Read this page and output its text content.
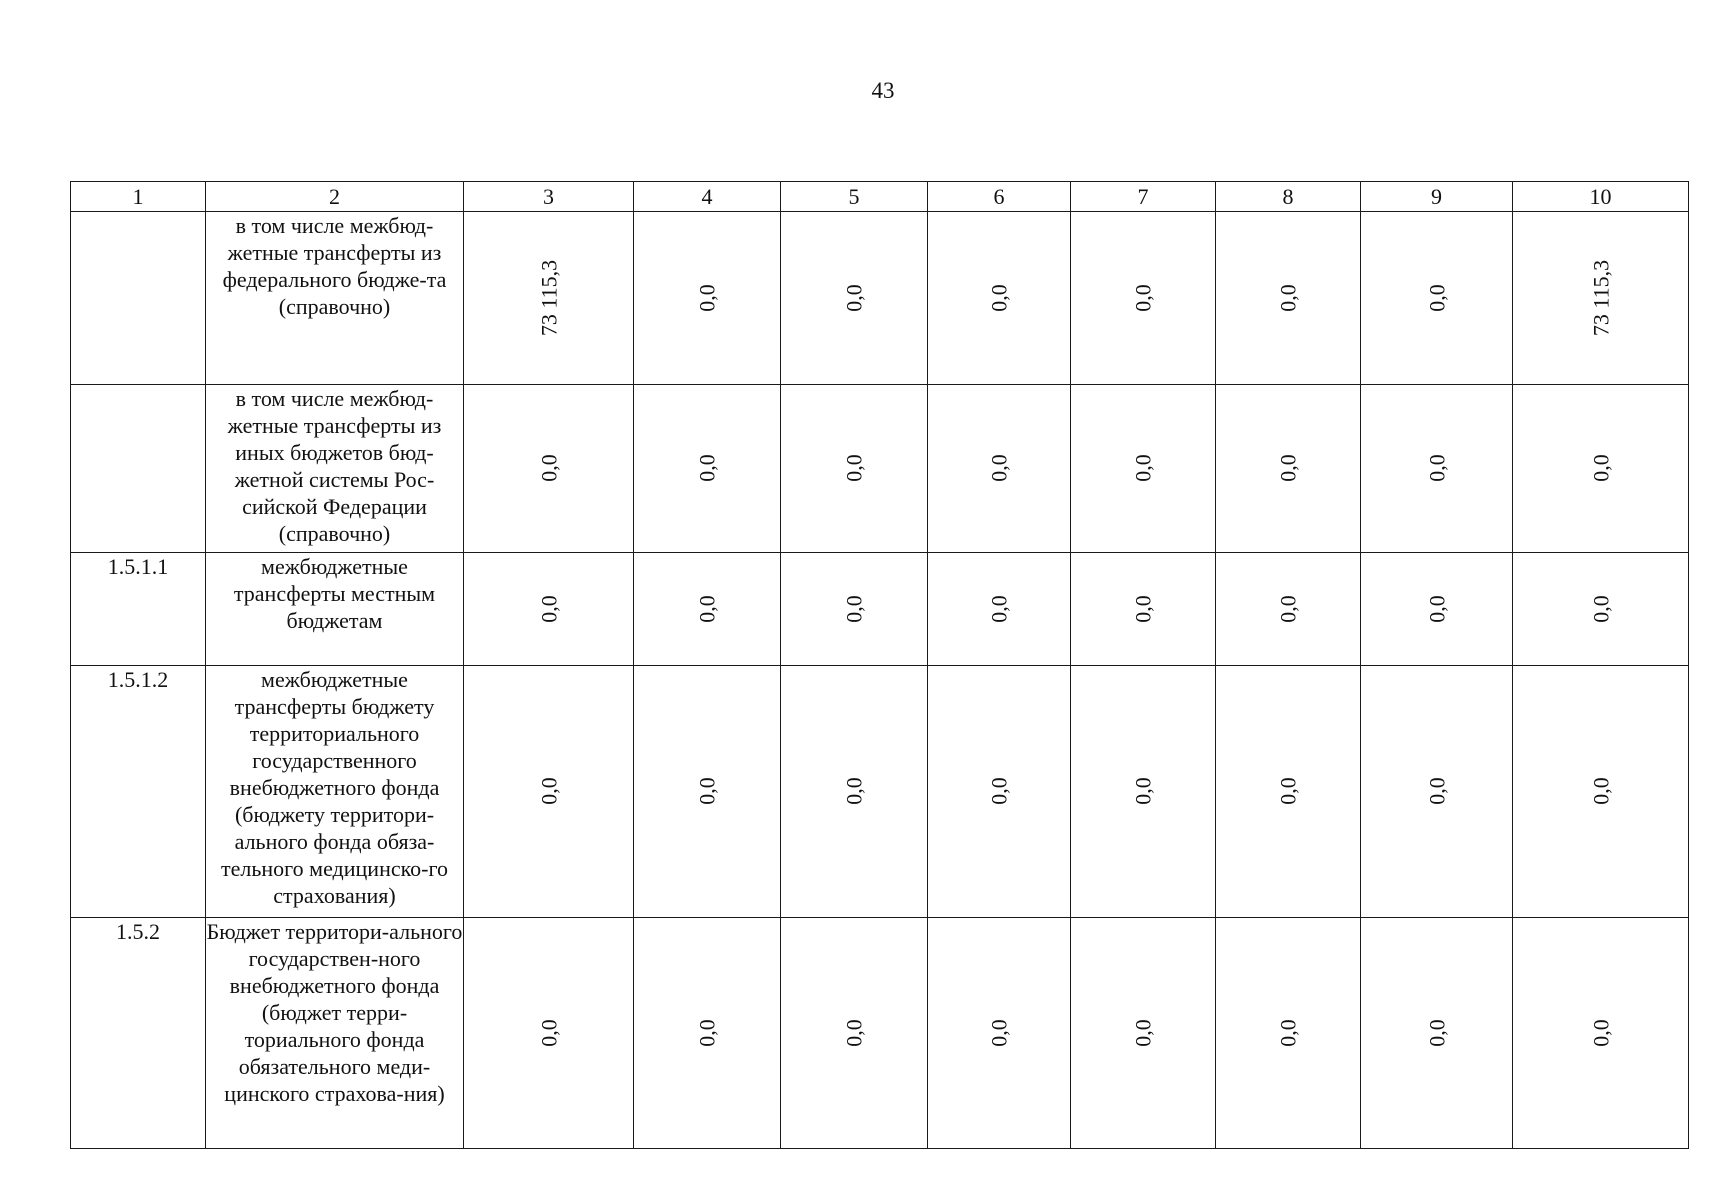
43
1	2	3	4	5	6	7	8	9	10
	в том числе межбюд-жетные трансферты из федерального бюдже-та (справочно)	73 115,3	0,0	0,0	0,0	0,0	0,0	0,0	73 115,3

	в том числе межбюд-жетные трансферты из иных бюджетов бюд-жетной системы Рос-сийской Федерации (справочно)	0,0	0,0	0,0	0,0	0,0	0,0	0,0	0,0

1.5.1.1	межбюджетные трансферты местным бюджетам	0,0	0,0	0,0	0,0	0,0	0,0	0,0	0,0

1.5.1.2	межбюджетные трансферты бюджету территориального государственного внебюджетного фонда (бюджету территори-ального фонда обяза-тельного медицинско-го страхования)	0,0	0,0	0,0	0,0	0,0	0,0	0,0	0,0

1.5.2	Бюджет территори-ального государствен-ного внебюджетного фонда (бюджет терри-ториального фонда обязательного меди-цинского страхова-ния)	0,0	0,0	0,0	0,0	0,0	0,0	0,0	0,0
